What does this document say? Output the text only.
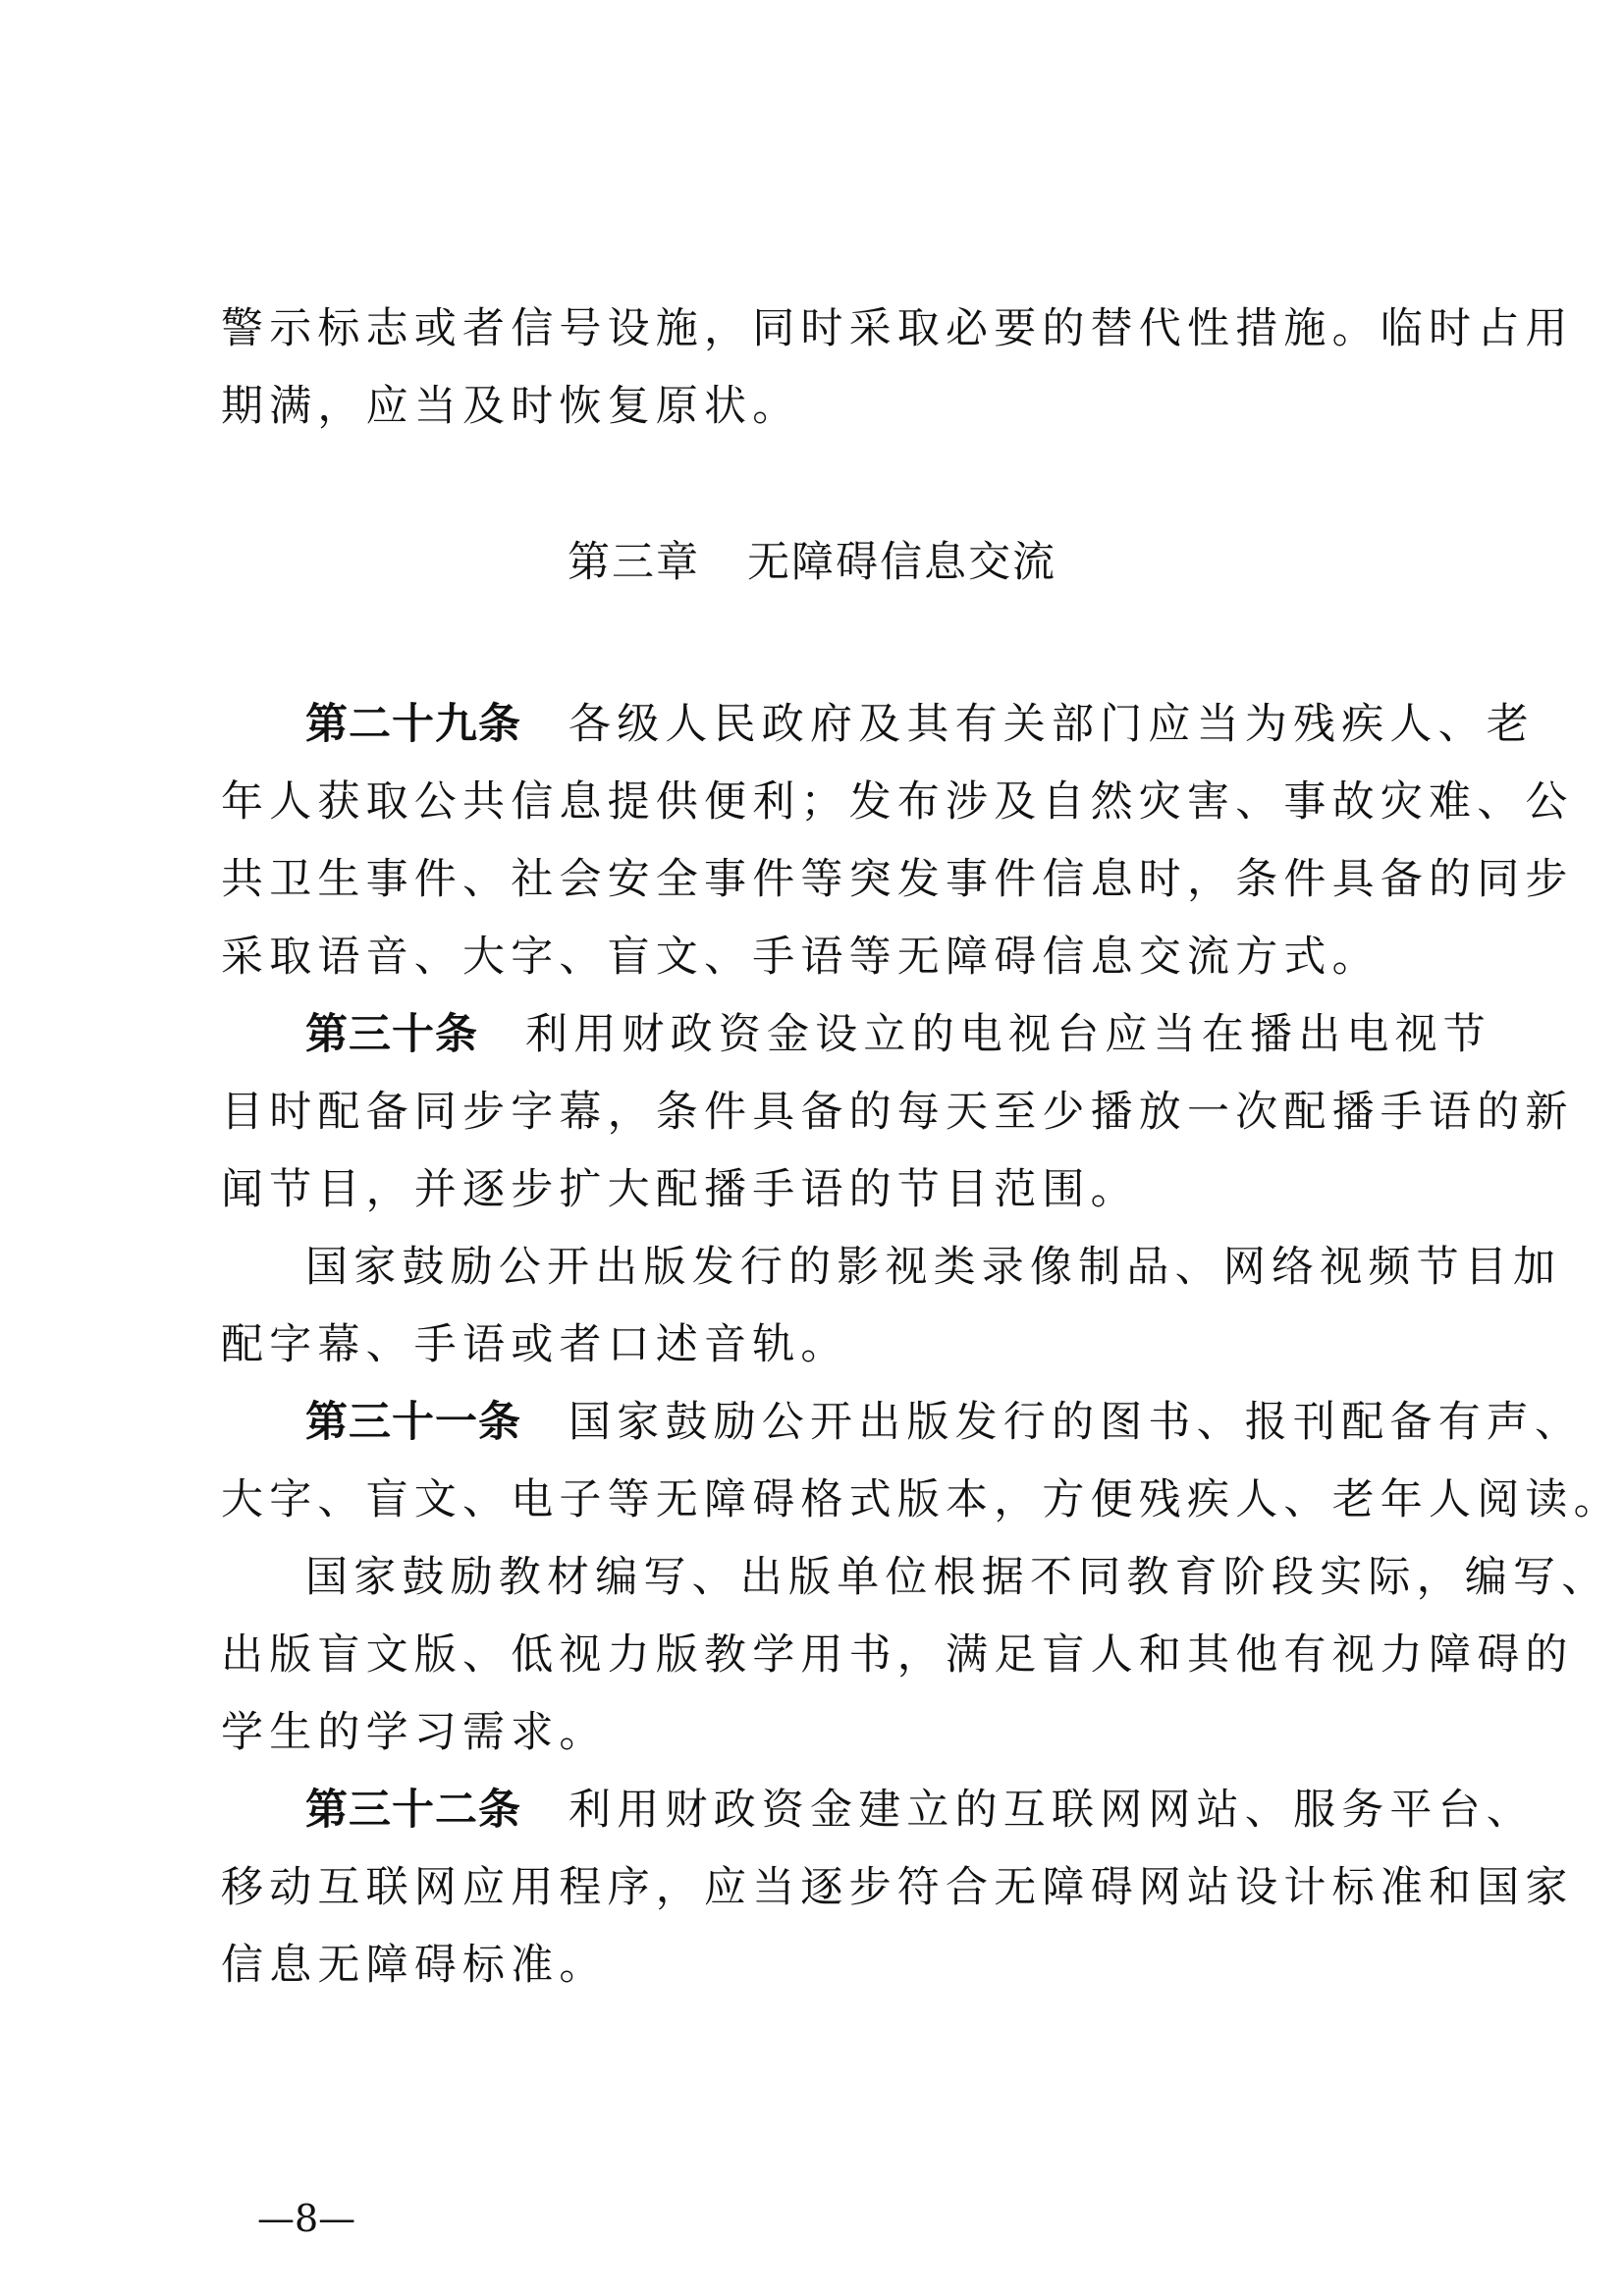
警示标志或者信号设施，同时采取必要的替代性措施。临时占用
期满，应当及时恢复原状。
第三章 无障碍信息交流
第二十九条 各级人民政府及其有关部门应当为残疾人、老
年人获取公共信息提供便利；发布涉及自然灾害、事故灾难、公
共卫生事件、社会安全事件等突发事件信息时，条件具备的同步
采取语音、大字、盲文、手语等无障碍信息交流方式。
第三十条 利用财政资金设立的电视台应当在播出电视节
目时配备同步字幕，条件具备的每天至少播放一次配播手语的新
闻节目，并逐步扩大配播手语的节目范围。
国家鼓励公开出版发行的影视类录像制品、网络视频节目加
配字幕、手语或者口述音轨。
第三十一条 国家鼓励公开出版发行的图书、报刊配备有声、
大字、盲文、电子等无障碍格式版本，方便残疾人、老年人阅读。
国家鼓励教材编写、出版单位根据不同教育阶段实际，编写、
出版盲文版、低视力版教学用书，满足盲人和其他有视力障碍的
学生的学习需求。
第三十二条 利用财政资金建立的互联网网站、服务平台、
移动互联网应用程序，应当逐步符合无障碍网站设计标准和国家
信息无障碍标准。
—8—
